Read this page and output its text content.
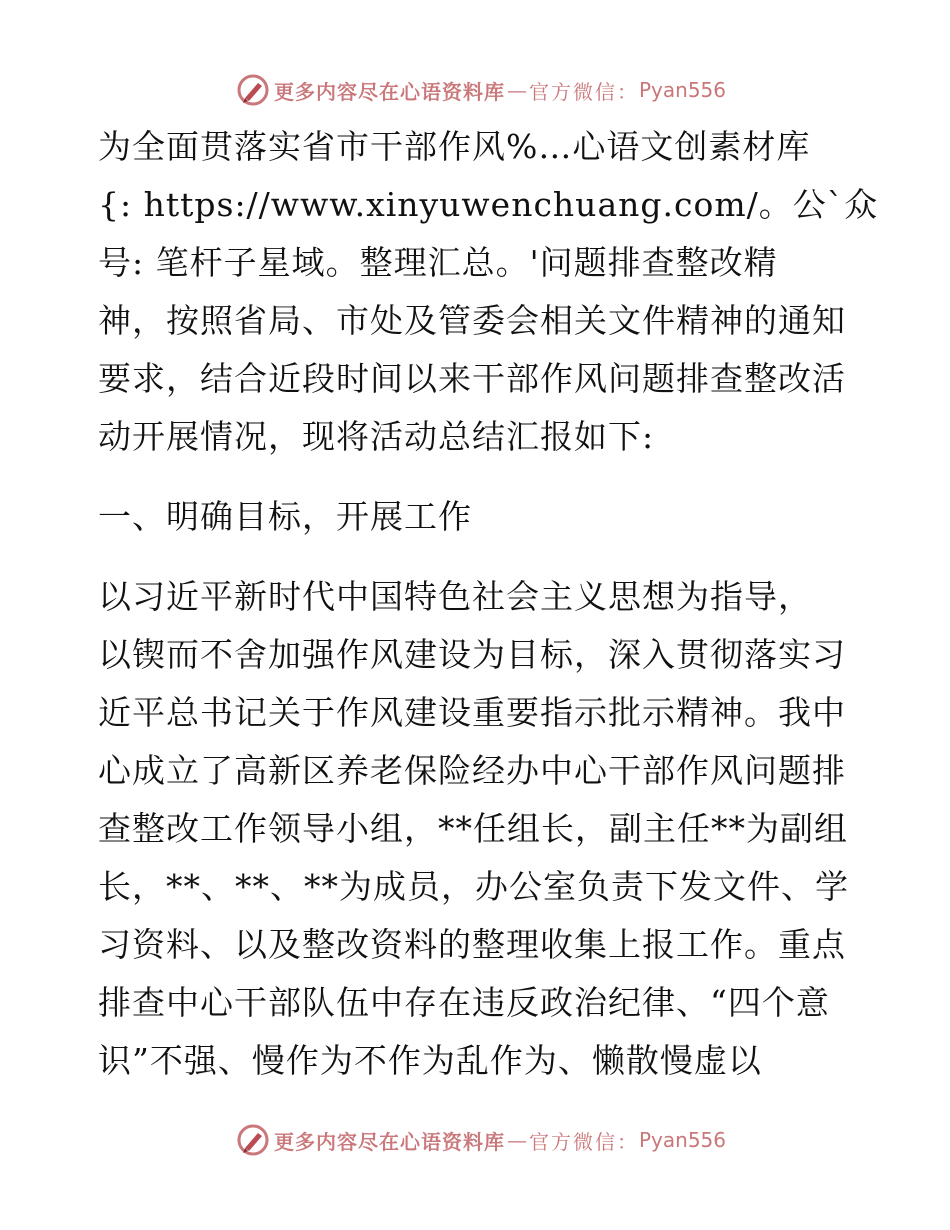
更多内容尽在心语资料库 — 官方微信： Pyan556
为全面贯落实省市干部作风%…心语文创素材库
{: https://www.xinyuwenchuang.com/。公`众
号: 笔杆子星域。整理汇总。'问题排查整改精
神，按照省局、市处及管委会相关文件精神的通知
要求，结合近段时间以来干部作风问题排查整改活
动开展情况，现将活动总结汇报如下:
一、明确目标，开展工作
以习近平新时代中国特色社会主义思想为指导，
以锲而不舍加强作风建设为目标，深入贯彻落实习
近平总书记关于作风建设重要指示批示精神。我中
心成立了高新区养老保险经办中心干部作风问题排
查整改工作领导小组，**任组长，副主任**为副组
长，**、**、**为成员，办公室负责下发文件、学
习资料、以及整改资料的整理收集上报工作。重点
排查中心干部队伍中存在违反政治纪律、“四个意
识”不强、慢作为不作为乱作为、懒散慢虚以
更多内容尽在心语资料库 — 官方微信： Pyan556
